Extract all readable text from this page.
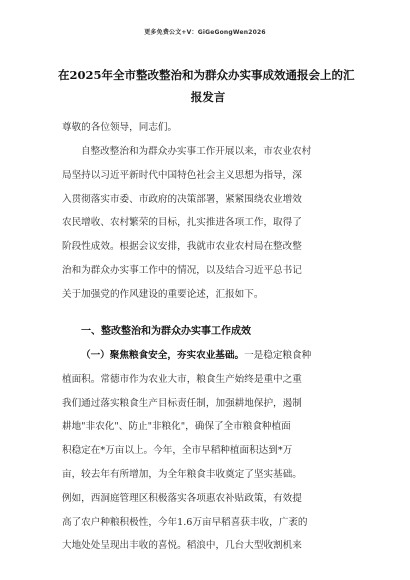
更多免费公文+V：GiGeGongWen2026
在2025年全市整改整治和为群众办实事成效通报会上的汇
报发言
尊敬的各位领导，同志们。
自整改整治和为群众办实事工作开展以来，市农业农村
局坚持以习近平新时代中国特色社会主义思想为指导，深
入贯彻落实市委、市政府的决策部署，紧紧围绕农业增效
农民增收、农村繁荣的目标，扎实推进各项工作，取得了
阶段性成效。根据会议安排，我就市农业农村局在整改整
治和为群众办实事工作中的情况，以及结合习近平总书记
关于加强党的作风建设的重要论述，汇报如下。
一、整改整治和为群众办实事工作成效
（一）聚焦粮食安全，夯实农业基础。一是稳定粮食种
植面积。常德市作为农业大市，粮食生产始终是重中之重
我们通过落实粮食生产目标责任制，加强耕地保护，遏制
耕地"非农化"、防止"非粮化"，确保了全市粮食种植面
积稳定在*万亩以上。今年，全市早稻种植面积达到*万
亩，较去年有所增加，为全年粮食丰收奠定了坚实基础。
例如，西洞庭管理区积极落实各项惠农补贴政策，有效提
高了农户种粮积极性，今年1.6万亩早稻喜获丰收，广袤的
大地处处呈现出丰收的喜悦。稻浪中，几台大型收割机来
